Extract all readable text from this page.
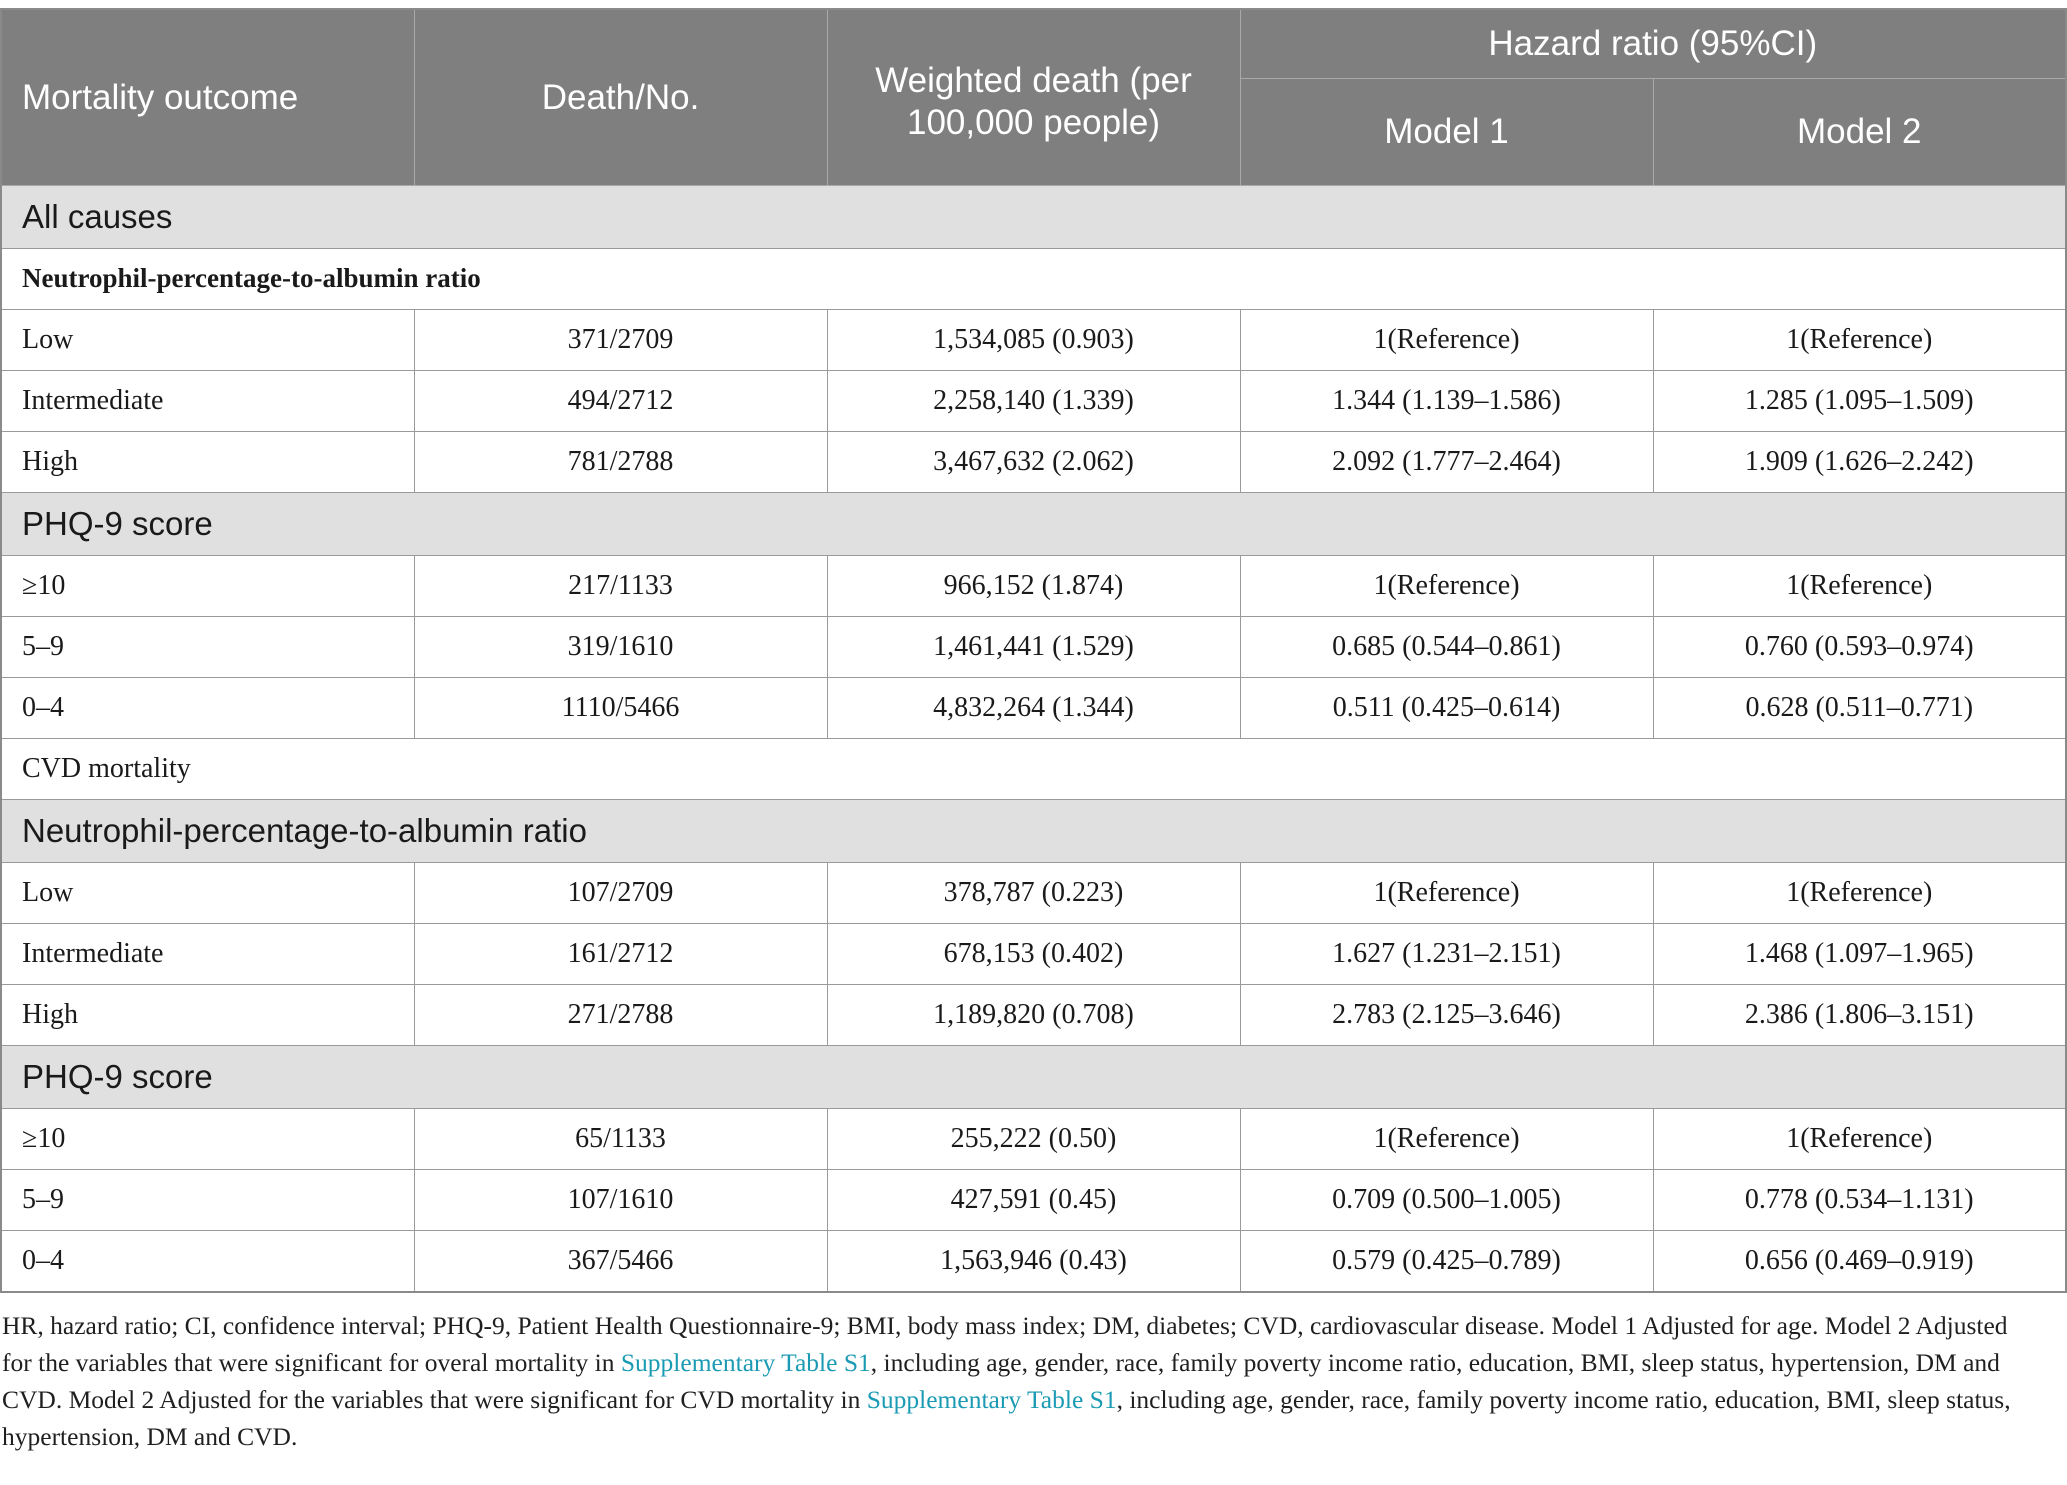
Mortality outcome	Death/No.	Weighted death (per 100,000 people)	Hazard ratio (95%CI)	
			Model 1	Model 2
All causes				
Neutrophil-percentage-to-albumin ratio				
Low	371/2709	1,534,085 (0.903)	1(Reference)	1(Reference)
Intermediate	494/2712	2,258,140 (1.339)	1.344 (1.139–1.586)	1.285 (1.095–1.509)
High	781/2788	3,467,632 (2.062)	2.092 (1.777–2.464)	1.909 (1.626–2.242)
PHQ-9 score				
≥10	217/1133	966,152 (1.874)	1(Reference)	1(Reference)
5–9	319/1610	1,461,441 (1.529)	0.685 (0.544–0.861)	0.760 (0.593–0.974)
0–4	1110/5466	4,832,264 (1.344)	0.511 (0.425–0.614)	0.628 (0.511–0.771)
CVD mortality				
Neutrophil-percentage-to-albumin ratio				
Low	107/2709	378,787 (0.223)	1(Reference)	1(Reference)
Intermediate	161/2712	678,153 (0.402)	1.627 (1.231–2.151)	1.468 (1.097–1.965)
High	271/2788	1,189,820 (0.708)	2.783 (2.125–3.646)	2.386 (1.806–3.151)
PHQ-9 score				
≥10	65/1133	255,222 (0.50)	1(Reference)	1(Reference)
5–9	107/1610	427,591 (0.45)	0.709 (0.500–1.005)	0.778 (0.534–1.131)
0–4	367/5466	1,563,946 (0.43)	0.579 (0.425–0.789)	0.656 (0.469–0.919)

HR, hazard ratio; CI, confidence interval; PHQ-9, Patient Health Questionnaire-9; BMI, body mass index; DM, diabetes; CVD, cardiovascular disease. Model 1 Adjusted for age. Model 2 Adjusted for the variables that were significant for overal mortality in Supplementary Table S1, including age, gender, race, family poverty income ratio, education, BMI, sleep status, hypertension, DM and CVD. Model 2 Adjusted for the variables that were significant for CVD mortality in Supplementary Table S1, including age, gender, race, family poverty income ratio, education, BMI, sleep status, hypertension, DM and CVD.
